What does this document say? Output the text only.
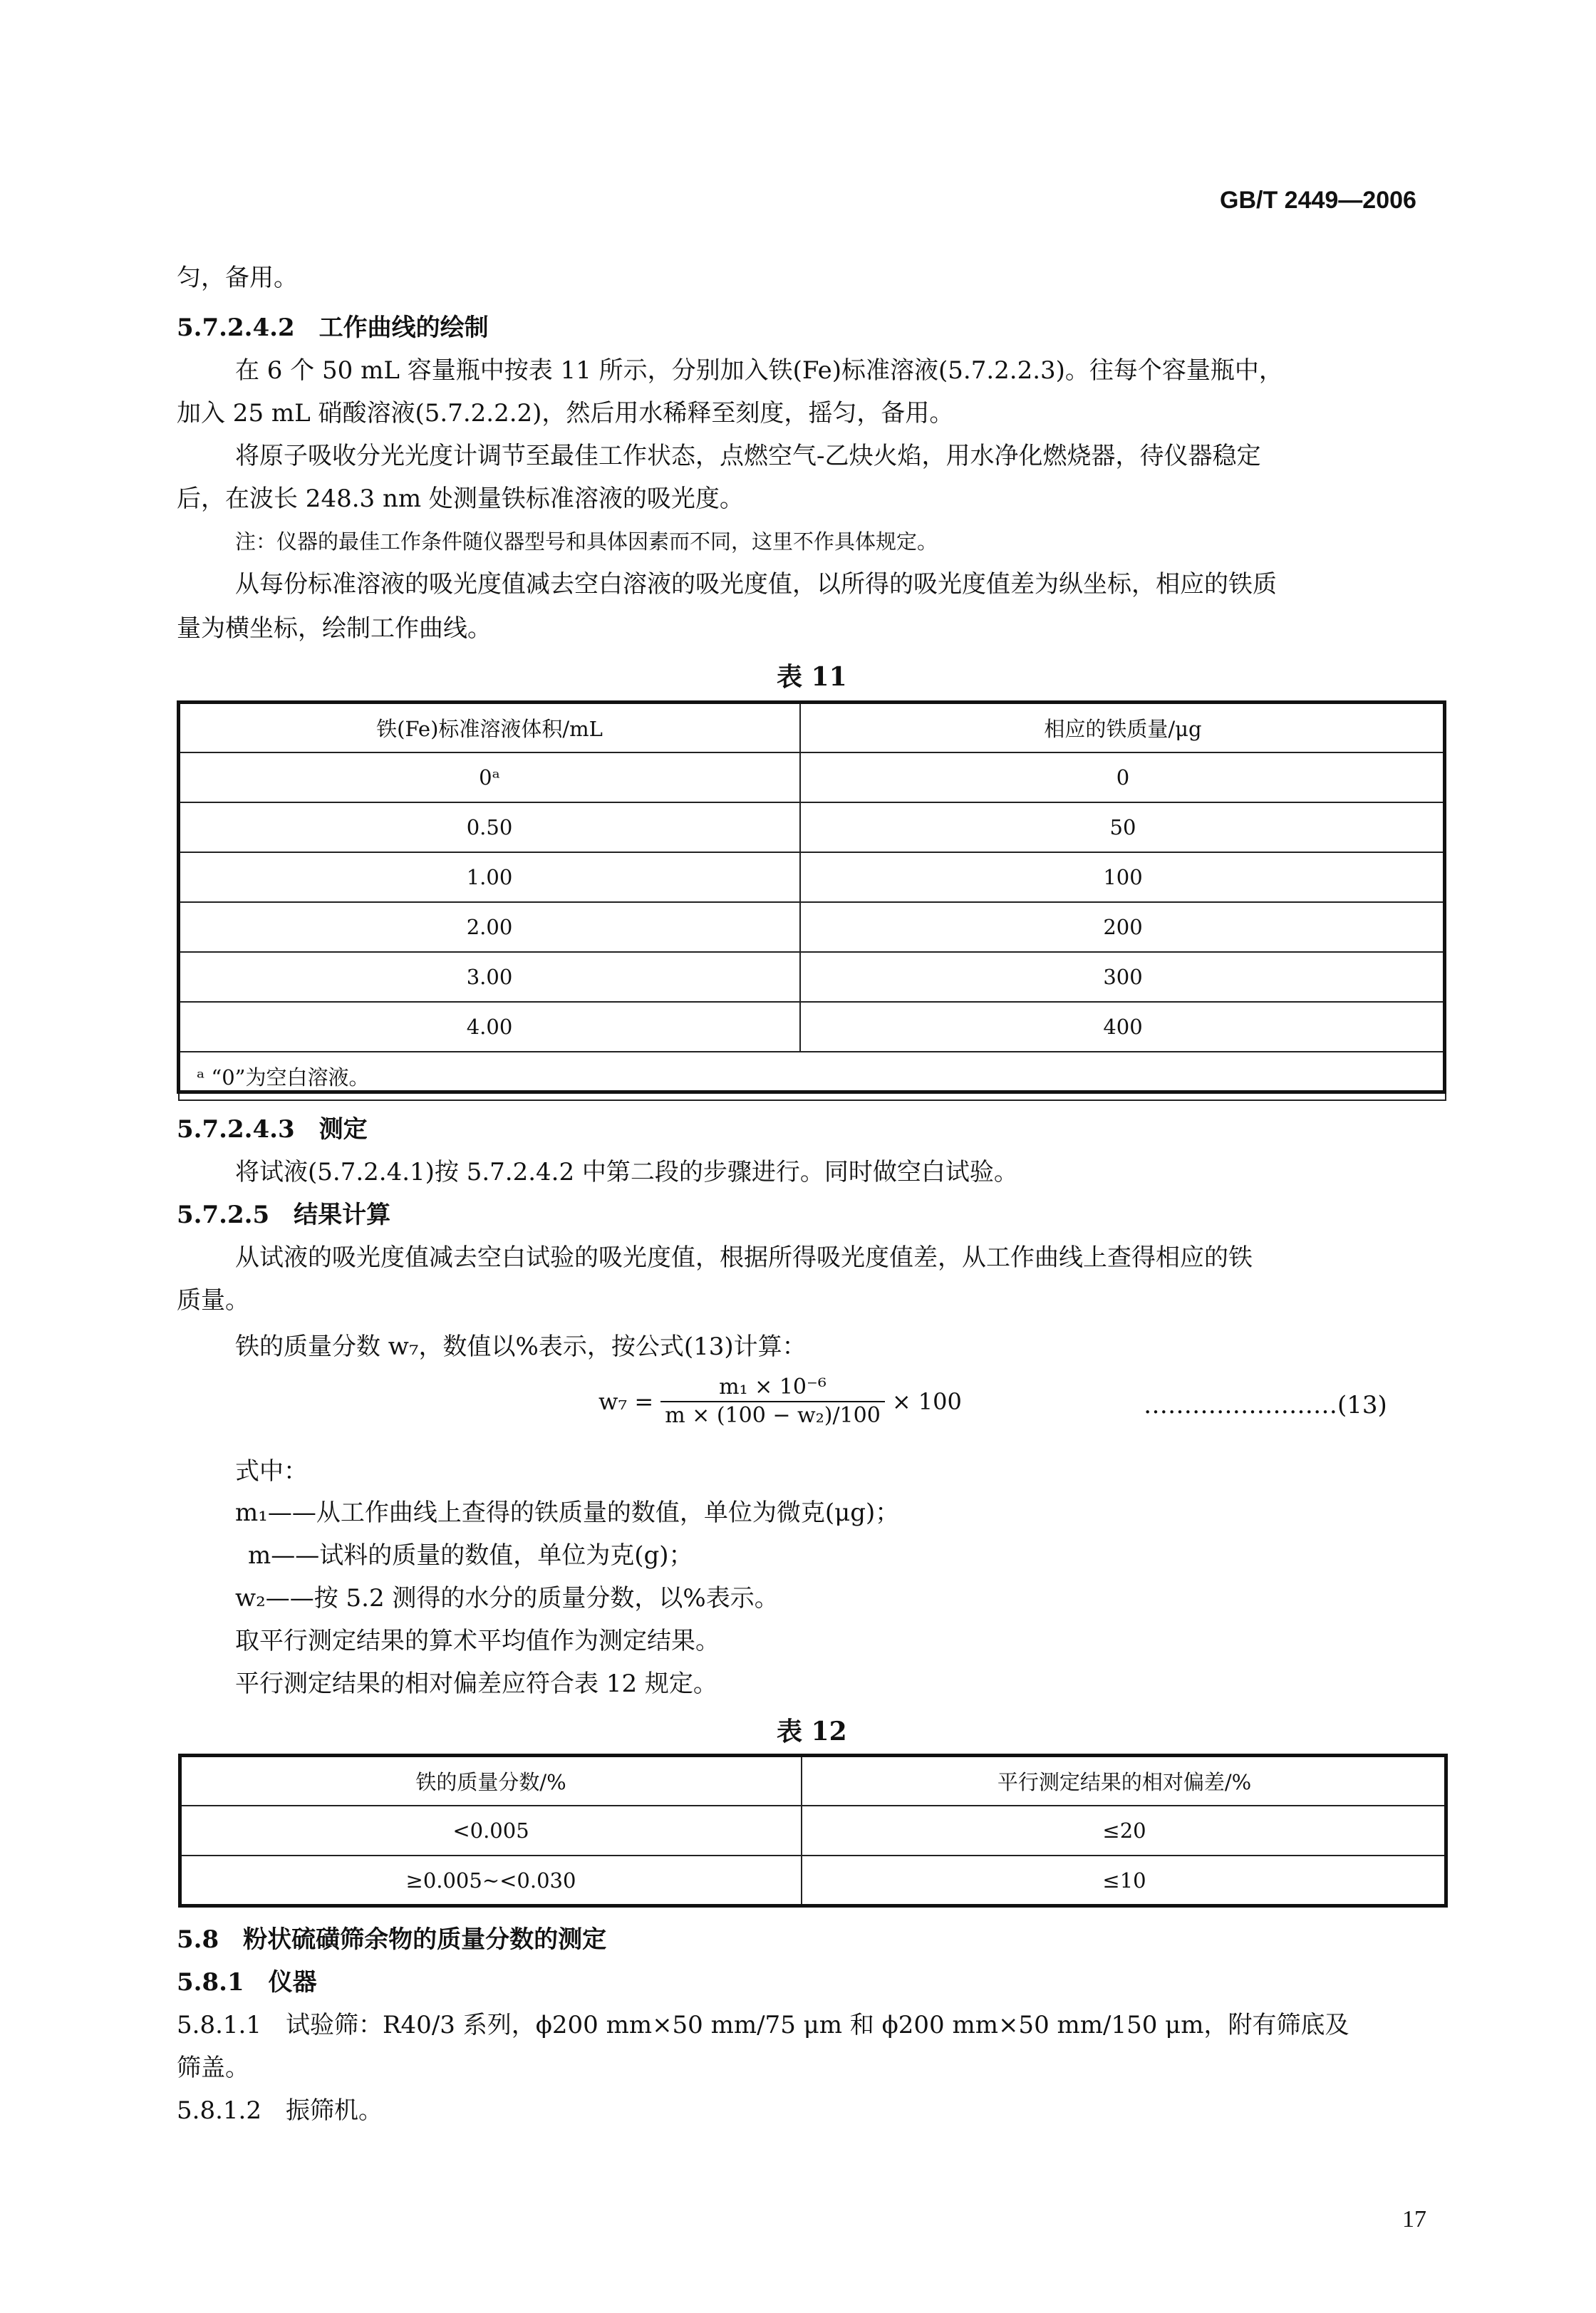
GB/T 2449—2006
匀，备用。
5.7.2.4.2　 工作曲线的绘制
在 6 个 50 mL 容量瓶中按表 11 所示，分别加入铁(Fe)标准溶液(5.7.2.2.3)。往每个容量瓶中，
加入 25 mL 硝酸溶液(5.7.2.2.2)，然后用水稀释至刻度，摇匀，备用。
将原子吸收分光光度计调节至最佳工作状态，点燃空气-乙炔火焰，用水净化燃烧器，待仪器稳定
后，在波长 248.3 nm 处测量铁标准溶液的吸光度。
注：仪器的最佳工作条件随仪器型号和具体因素而不同，这里不作具体规定。
从每份标准溶液的吸光度值减去空白溶液的吸光度值，以所得的吸光度值差为纵坐标，相应的铁质
量为横坐标，绘制工作曲线。
表 11
铁(Fe)标准溶液体积/mL	相应的铁质量/μg
0ᵃ	0
0.50	50
1.00	100
2.00	200
3.00	300
4.00	400
ᵃ “0”为空白溶液。	
5.7.2.4.3　 测定
将试液(5.7.2.4.1)按 5.7.2.4.2 中第二段的步骤进行。同时做空白试验。
5.7.2.5　 结果计算
从试液的吸光度值减去空白试验的吸光度值，根据所得吸光度值差，从工作曲线上查得相应的铁
质量。
铁的质量分数 w₇，数值以%表示，按公式(13)计算：
$w_7 = \frac{\text{m₁ × 10⁻⁶}}{\text{m × (100 − w₂)/100}} \times 100$	……………………(13)
式中：
m₁——从工作曲线上查得的铁质量的数值，单位为微克(μg)；
m——试料的质量的数值，单位为克(g)；
w₂——按 5.2 测得的水分的质量分数，以%表示。
取平行测定结果的算术平均值作为测定结果。
平行测定结果的相对偏差应符合表 12 规定。
表 12
铁的质量分数/%	平行测定结果的相对偏差/%
<0.005	≤20
≥0.005~<0.030	≤10
5.8　粉状硫磺筛余物的质量分数的测定
5.8.1　仪器
5.8.1.1　试验筛：R40/3 系列，ϕ200 mm×50 mm/75 μm 和 ϕ200 mm×50 mm/150 μm，附有筛底及
筛盖。
5.8.1.2　振筛机。
17
